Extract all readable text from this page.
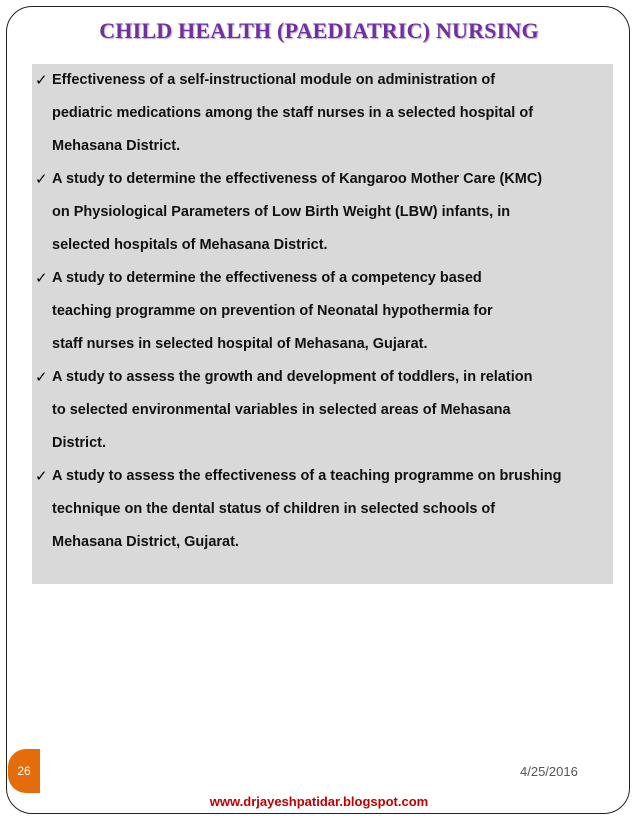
CHILD HEALTH (PAEDIATRIC) NURSING
✓ Effectiveness of a self-instructional module on administration of
pediatric medications among the staff nurses in a selected hospital of
Mehasana District.
✓ A study to determine the effectiveness of Kangaroo Mother Care (KMC)
on Physiological Parameters of Low Birth Weight (LBW) infants, in
selected hospitals of Mehasana District.
✓ A study to determine the effectiveness of a competency based
teaching programme on prevention of Neonatal hypothermia for
staff nurses in selected hospital of Mehasana, Gujarat.
✓ A study to assess the growth and development of toddlers, in relation
to selected environmental variables in selected areas of Mehasana
District.
✓ A study to assess the effectiveness of a teaching programme on brushing
technique on the dental status of children in selected schools of
Mehasana District, Gujarat.
26	4/25/2016
www.drjayeshpatidar.blogspot.com
